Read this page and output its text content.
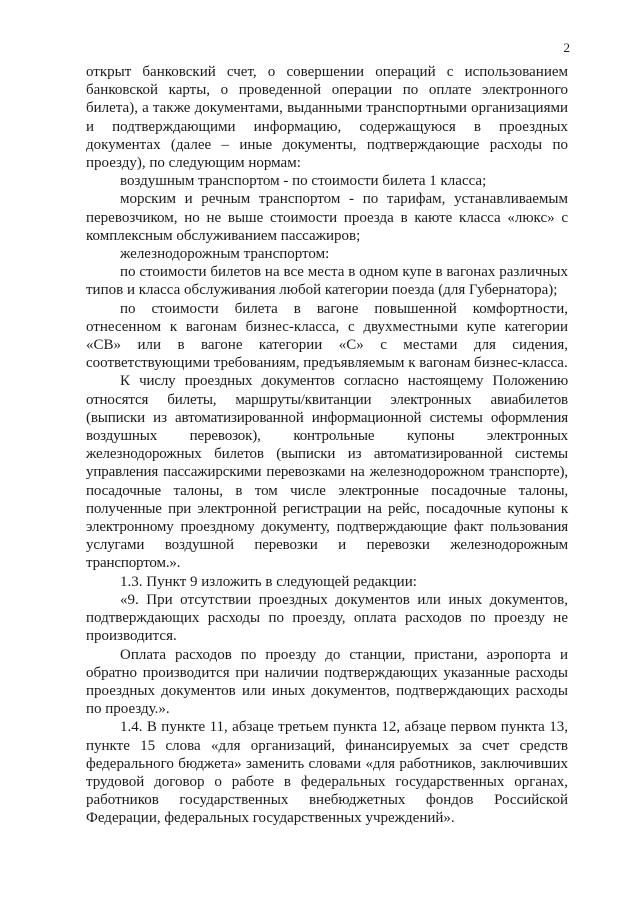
2

открыт банковский счет, о совершении операций с использованием банковской карты, о проведенной операции по оплате электронного билета), а также документами, выданными транспортными организациями и подтверждающими информацию, содержащуюся в проездных документах (далее – иные документы, подтверждающие расходы по проезду), по следующим нормам:

воздушным транспортом - по стоимости билета 1 класса;

морским и речным транспортом - по тарифам, устанавливаемым перевозчиком, но не выше стоимости проезда в каюте класса «люкс» с комплексным обслуживанием пассажиров;

железнодорожным транспортом:

по стоимости билетов на все места в одном купе в вагонах различных типов и класса обслуживания любой категории поезда (для Губернатора);

по стоимости билета в вагоне повышенной комфортности, отнесенном к вагонам бизнес-класса, с двухместными купе категории «СВ» или в вагоне категории «С» с местами для сидения, соответствующими требованиям, предъявляемым к вагонам бизнес-класса.

К числу проездных документов согласно настоящему Положению относятся билеты, маршруты/квитанции электронных авиабилетов (выписки из автоматизированной информационной системы оформления воздушных перевозок), контрольные купоны электронных железнодорожных билетов (выписки из автоматизированной системы управления пассажирскими перевозками на железнодорожном транспорте), посадочные талоны, в том числе электронные посадочные талоны, полученные при электронной регистрации на рейс, посадочные купоны к электронному проездному документу, подтверждающие факт пользования услугами воздушной перевозки и перевозки железнодорожным транспортом.».

1.3. Пункт 9 изложить в следующей редакции:

«9. При отсутствии проездных документов или иных документов, подтверждающих расходы по проезду, оплата расходов по проезду не производится.

Оплата расходов по проезду до станции, пристани, аэропорта и обратно производится при наличии подтверждающих указанные расходы проездных документов или иных документов, подтверждающих расходы по проезду.».

1.4. В пункте 11, абзаце третьем пункта 12, абзаце первом пункта 13, пункте 15 слова «для организаций, финансируемых за счет средств федерального бюджета» заменить словами «для работников, заключивших трудовой договор о работе в федеральных государственных органах, работников государственных внебюджетных фондов Российской Федерации, федеральных государственных учреждений».
